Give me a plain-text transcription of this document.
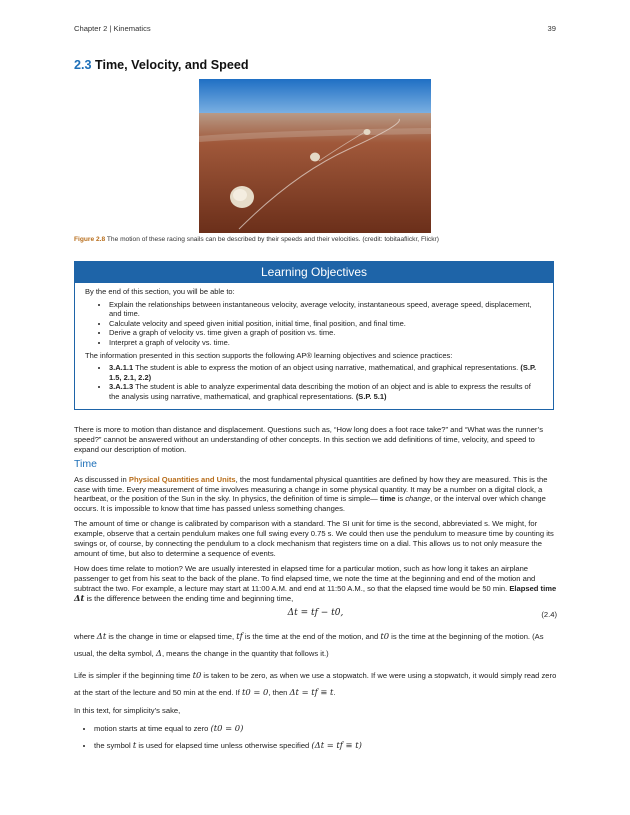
Chapter 2 | Kinematics	39
2.3 Time, Velocity, and Speed
Figure 2.8 The motion of these racing snails can be described by their speeds and their velocities. (credit: tobitaaflickr, Flickr)
Learning Objectives

By the end of this section, you will be able to:

• Explain the relationships between instantaneous velocity, average velocity, instantaneous speed, average speed, displacement, and time.
• Calculate velocity and speed given initial position, initial time, final position, and final time.
• Derive a graph of velocity vs. time given a graph of position vs. time.
• Interpret a graph of velocity vs. time.

The information presented in this section supports the following AP® learning objectives and science practices:

• 3.A.1.1 The student is able to express the motion of an object using narrative, mathematical, and graphical representations. (S.P. 1.5, 2.1, 2.2)
• 3.A.1.3 The student is able to analyze experimental data describing the motion of an object and is able to express the results of the analysis using narrative, mathematical, and graphical representations. (S.P. 5.1)

There is more to motion than distance and displacement. Questions such as, “How long does a foot race take?” and “What was the runner’s speed?” cannot be answered without an understanding of other concepts. In this section we add definitions of time, velocity, and speed to expand our description of motion.

Time

As discussed in Physical Quantities and Units, the most fundamental physical quantities are defined by how they are measured. This is the case with time. Every measurement of time involves measuring a change in some physical quantity. It may be a number on a digital clock, a heartbeat, or the position of the Sun in the sky. In physics, the definition of time is simple— time is change, or the interval over which change occurs. It is impossible to know that time has passed unless something changes.

The amount of time or change is calibrated by comparison with a standard. The SI unit for time is the second, abbreviated s. We might, for example, observe that a certain pendulum makes one full swing every 0.75 s. We could then use the pendulum to measure time by counting its swings or, of course, by connecting the pendulum to a clock mechanism that registers time on a dial. This allows us to not only measure the amount of time, but also to determine a sequence of events.

How does time relate to motion? We are usually interested in elapsed time for a particular motion, such as how long it takes an airplane passenger to get from his seat to the back of the plane. To find elapsed time, we note the time at the beginning and end of the motion and subtract the two. For example, a lecture may start at 11:00 A.M. and end at 11:50 A.M., so that the elapsed time would be 50 min. Elapsed time Δt is the difference between the ending time and beginning time,

Δt = tf − t0,	(2.4)

where Δt is the change in time or elapsed time, tf is the time at the end of the motion, and t0 is the time at the beginning of the motion. (As usual, the delta symbol, Δ, means the change in the quantity that follows it.)

Life is simpler if the beginning time t0 is taken to be zero, as when we use a stopwatch. If we were using a stopwatch, it would simply read zero at the start of the lecture and 50 min at the end. If t0 = 0, then Δt = tf ≡ t.

In this text, for simplicity’s sake,

• motion starts at time equal to zero (t0 = 0)
• the symbol t is used for elapsed time unless otherwise specified (Δt = tf ≡ t)
